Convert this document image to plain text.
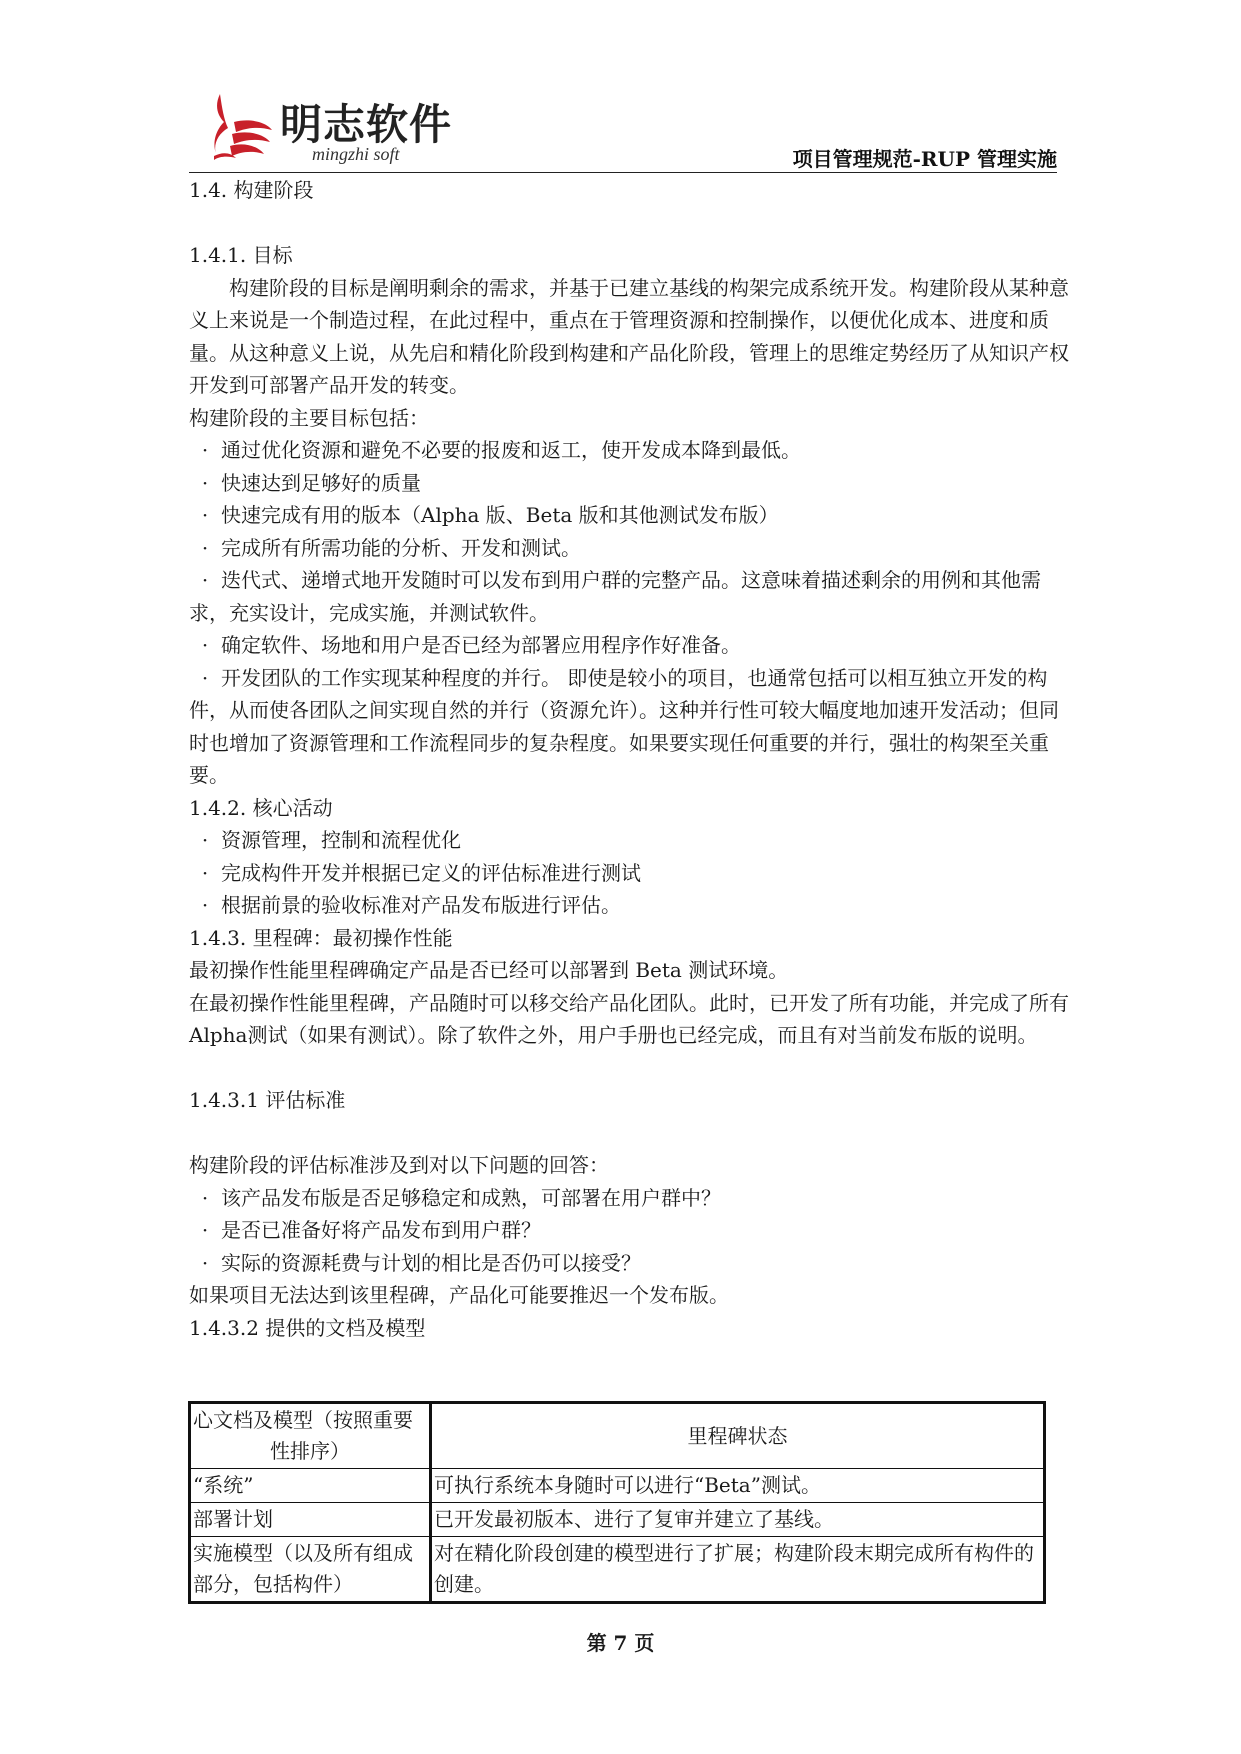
明志软件
mingzhi soft	项目管理规范-RUP 管理实施

1.4. 构建阶段

1.4.1. 目标

构建阶段的目标是阐明剩余的需求，并基于已建立基线的构架完成系统开发。构建阶段从某种意义上来说是一个制造过程，在此过程中，重点在于管理资源和控制操作，以便优化成本、进度和质量。从这种意义上说，从先启和精化阶段到构建和产品化阶段，管理上的思维定势经历了从知识产权开发到可部署产品开发的转变。

构建阶段的主要目标包括：

· 通过优化资源和避免不必要的报废和返工，使开发成本降到最低。

· 快速达到足够好的质量

· 快速完成有用的版本（Alpha 版、Beta 版和其他测试发布版）

· 完成所有所需功能的分析、开发和测试。

· 迭代式、递增式地开发随时可以发布到用户群的完整产品。这意味着描述剩余的用例和其他需求，充实设计，完成实施，并测试软件。

· 确定软件、场地和用户是否已经为部署应用程序作好准备。

· 开发团队的工作实现某种程度的并行。 即使是较小的项目，也通常包括可以相互独立开发的构件，从而使各团队之间实现自然的并行（资源允许）。这种并行性可较大幅度地加速开发活动；但同时也增加了资源管理和工作流程同步的复杂程度。如果要实现任何重要的并行，强壮的构架至关重要。

1.4.2. 核心活动

· 资源管理，控制和流程优化

· 完成构件开发并根据已定义的评估标准进行测试

· 根据前景的验收标准对产品发布版进行评估。

1.4.3. 里程碑：最初操作性能

最初操作性能里程碑确定产品是否已经可以部署到 Beta 测试环境。

在最初操作性能里程碑，产品随时可以移交给产品化团队。此时，已开发了所有功能，并完成了所有Alpha测试（如果有测试）。除了软件之外，用户手册也已经完成，而且有对当前发布版的说明。

1.4.3.1 评估标准

构建阶段的评估标准涉及到对以下问题的回答：

· 该产品发布版是否足够稳定和成熟，可部署在用户群中？

· 是否已准备好将产品发布到用户群？

· 实际的资源耗费与计划的相比是否仍可以接受？

如果项目无法达到该里程碑，产品化可能要推迟一个发布版。

1.4.3.2 提供的文档及模型

心文档及模型（按照重要
性排序）	里程碑状态
“系统”	可执行系统本身随时可以进行“Beta”测试。
部署计划	已开发最初版本、进行了复审并建立了基线。
实施模型（以及所有组成部分，包括构件）	对在精化阶段创建的模型进行了扩展；构建阶段末期完成所有构件的创建。
第 7 页
